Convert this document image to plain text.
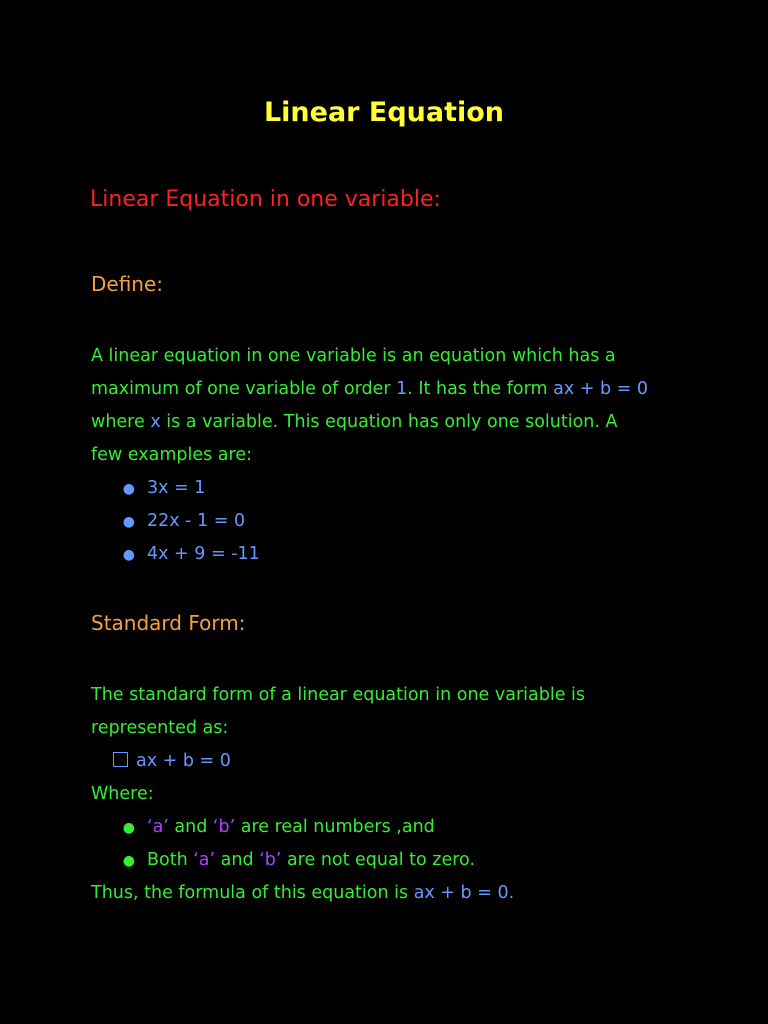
Linear Equation
Linear Equation in one variable:
Define:
A linear equation in one variable is an equation which has a
maximum of one variable of order 1. It has the form ax + b = 0
where x is a variable. This equation has only one solution. A
few examples are:
● 3x = 1
● 22x - 1 = 0
● 4x + 9 = -11
Standard Form:
The standard form of a linear equation in one variable is
represented as:
ax + b = 0
Where:
● ‘a’ and ‘b’ are real numbers ,and
● Both ‘a’ and ‘b’ are not equal to zero.
Thus, the formula of this equation is ax + b = 0.
